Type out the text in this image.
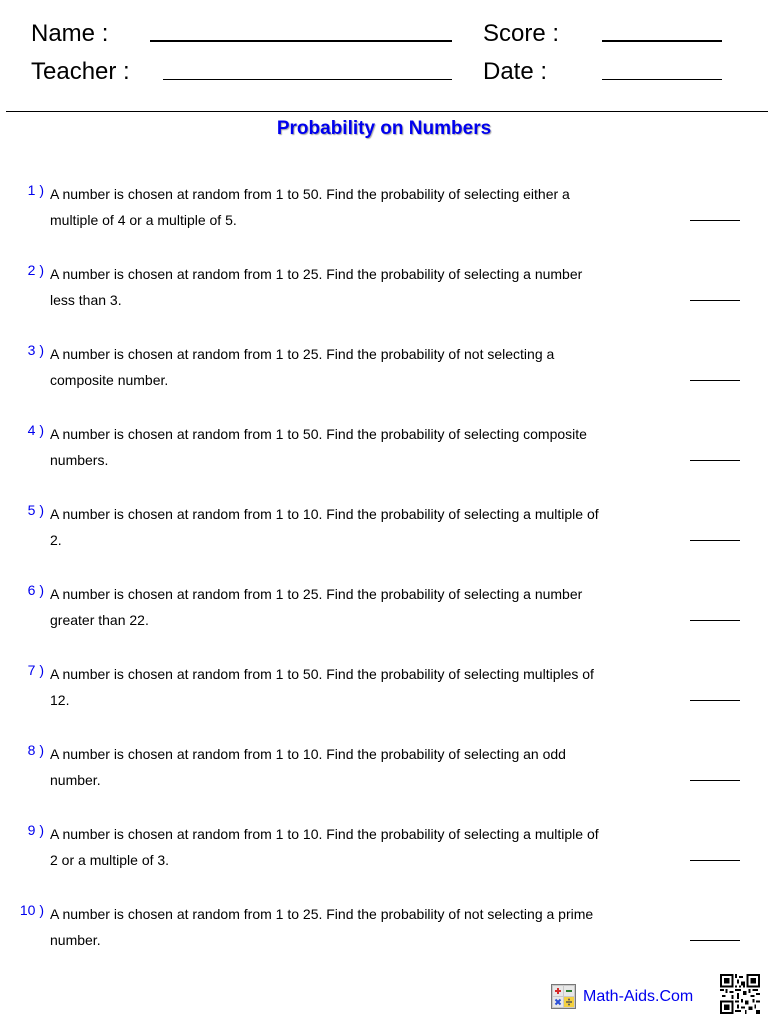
Name :
Teacher :
Score :
Date :
Probability on Numbers
1 ) A number is chosen at random from 1 to 50. Find the probability of selecting either a multiple of 4 or a multiple of 5.
2 ) A number is chosen at random from 1 to 25. Find the probability of selecting a number less than 3.
3 ) A number is chosen at random from 1 to 25. Find the probability of not selecting a composite number.
4 ) A number is chosen at random from 1 to 50. Find the probability of selecting composite numbers.
5 ) A number is chosen at random from 1 to 10. Find the probability of selecting a multiple of 2.
6 ) A number is chosen at random from 1 to 25. Find the probability of selecting a number greater than 22.
7 ) A number is chosen at random from 1 to 50. Find the probability of selecting multiples of 12.
8 ) A number is chosen at random from 1 to 10. Find the probability of selecting an odd number.
9 ) A number is chosen at random from 1 to 10. Find the probability of selecting a multiple of 2 or a multiple of 3.
10 ) A number is chosen at random from 1 to 25. Find the probability of not selecting a prime number.
Math-Aids.Com
